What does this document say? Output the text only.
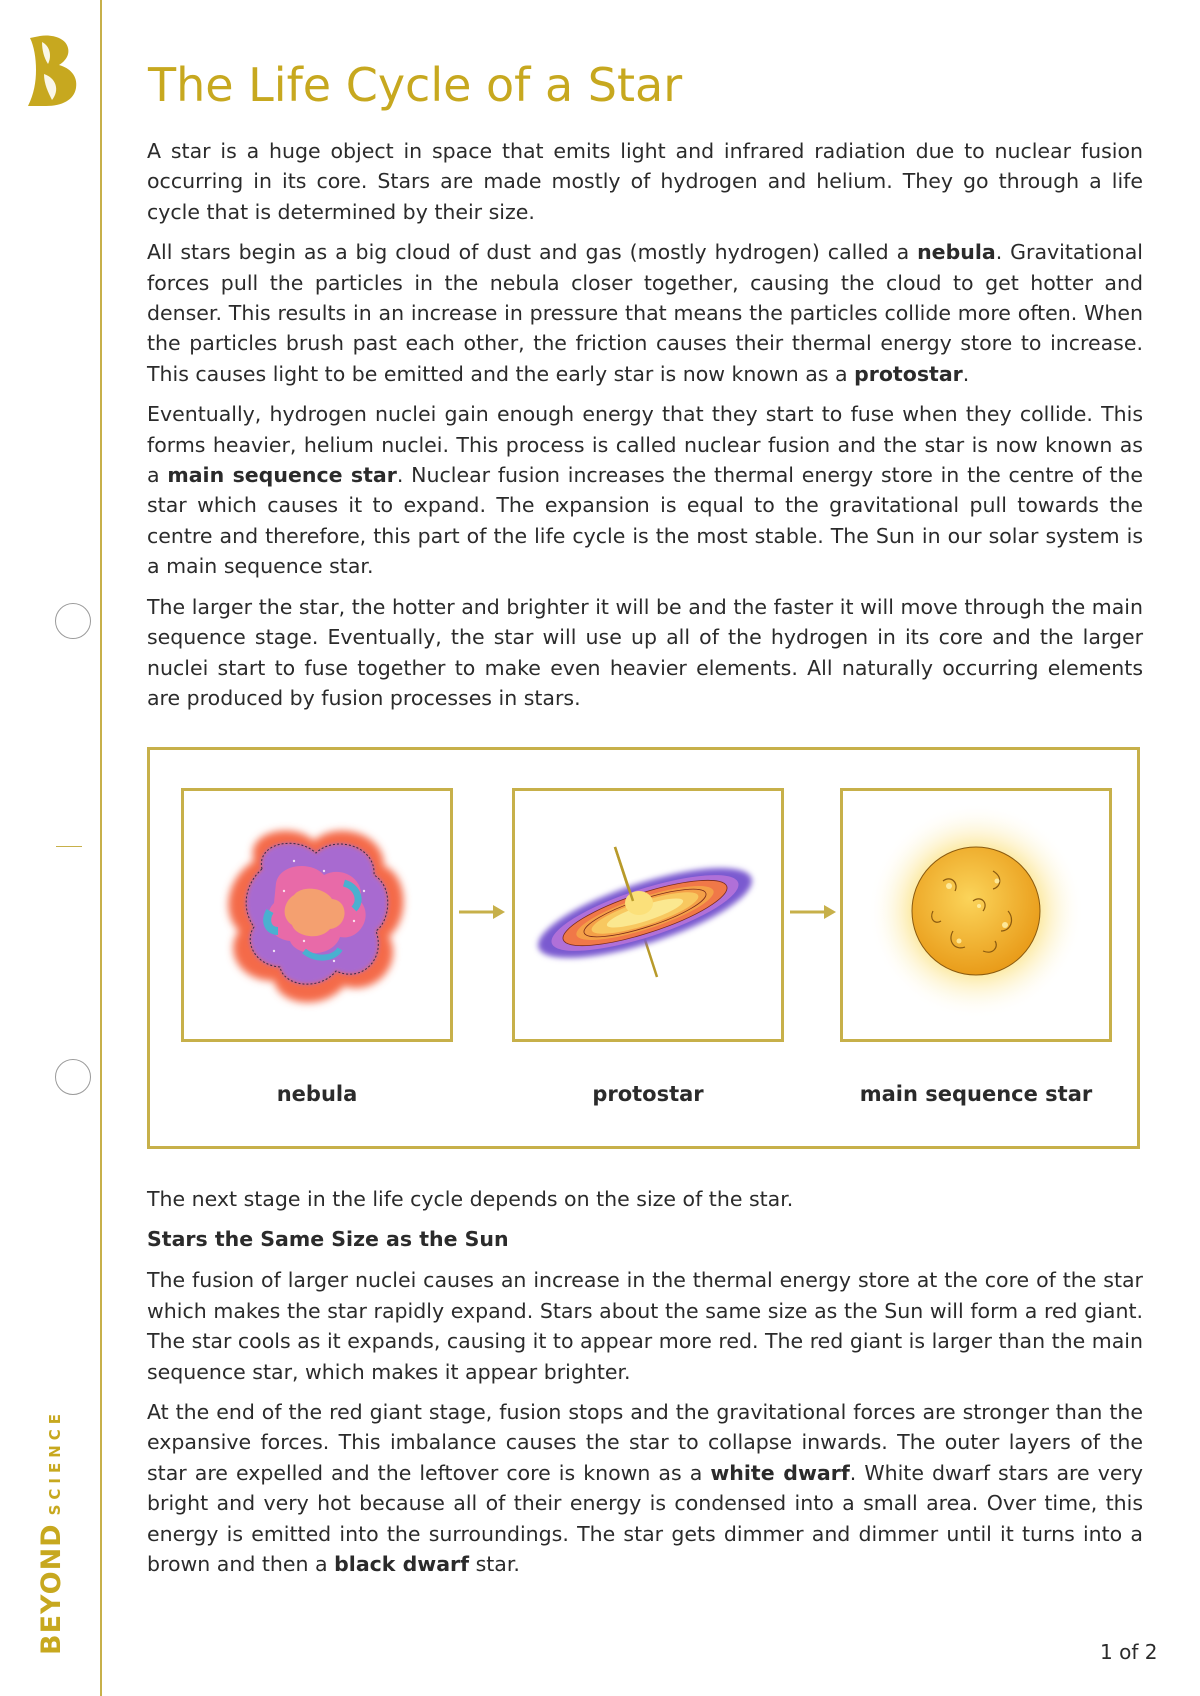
BEYONDSCIENCE
The Life Cycle of a Star

A star is a huge object in space that emits light and infrared radiation due to nuclear fusion occurring in its core. Stars are made mostly of hydrogen and helium. They go through a life cycle that is determined by their size.

All stars begin as a big cloud of dust and gas (mostly hydrogen) called a nebula. Gravitational forces pull the particles in the nebula closer together, causing the cloud to get hotter and denser. This results in an increase in pressure that means the particles collide more often. When the particles brush past each other, the friction causes their thermal energy store to increase. This causes light to be emitted and the early star is now known as a protostar.

Eventually, hydrogen nuclei gain enough energy that they start to fuse when they collide. This forms heavier, helium nuclei. This process is called nuclear fusion and the star is now known as a main sequence star. Nuclear fusion increases the thermal energy store in the centre of the star which causes it to expand. The expansion is equal to the gravitational pull towards the centre and therefore, this part of the life cycle is the most stable. The Sun in our solar system is a main sequence star.

The larger the star, the hotter and brighter it will be and the faster it will move through the main sequence stage. Eventually, the star will use up all of the hydrogen in its core and the larger nuclei start to fuse together to make even heavier elements. All naturally occurring elements are produced by fusion processes in stars.

nebula	protostar	main sequence star

The next stage in the life cycle depends on the size of the star.

Stars the Same Size as the Sun

The fusion of larger nuclei causes an increase in the thermal energy store at the core of the star which makes the star rapidly expand. Stars about the same size as the Sun will form a red giant. The star cools as it expands, causing it to appear more red. The red giant is larger than the main sequence star, which makes it appear brighter.

At the end of the red giant stage, fusion stops and the gravitational forces are stronger than the expansive forces. This imbalance causes the star to collapse inwards. The outer layers of the star are expelled and the leftover core is known as a white dwarf. White dwarf stars are very bright and very hot because all of their energy is condensed into a small area. Over time, this energy is emitted into the surroundings. The star gets dimmer and dimmer until it turns into a brown and then a black dwarf star.

1 of 2
